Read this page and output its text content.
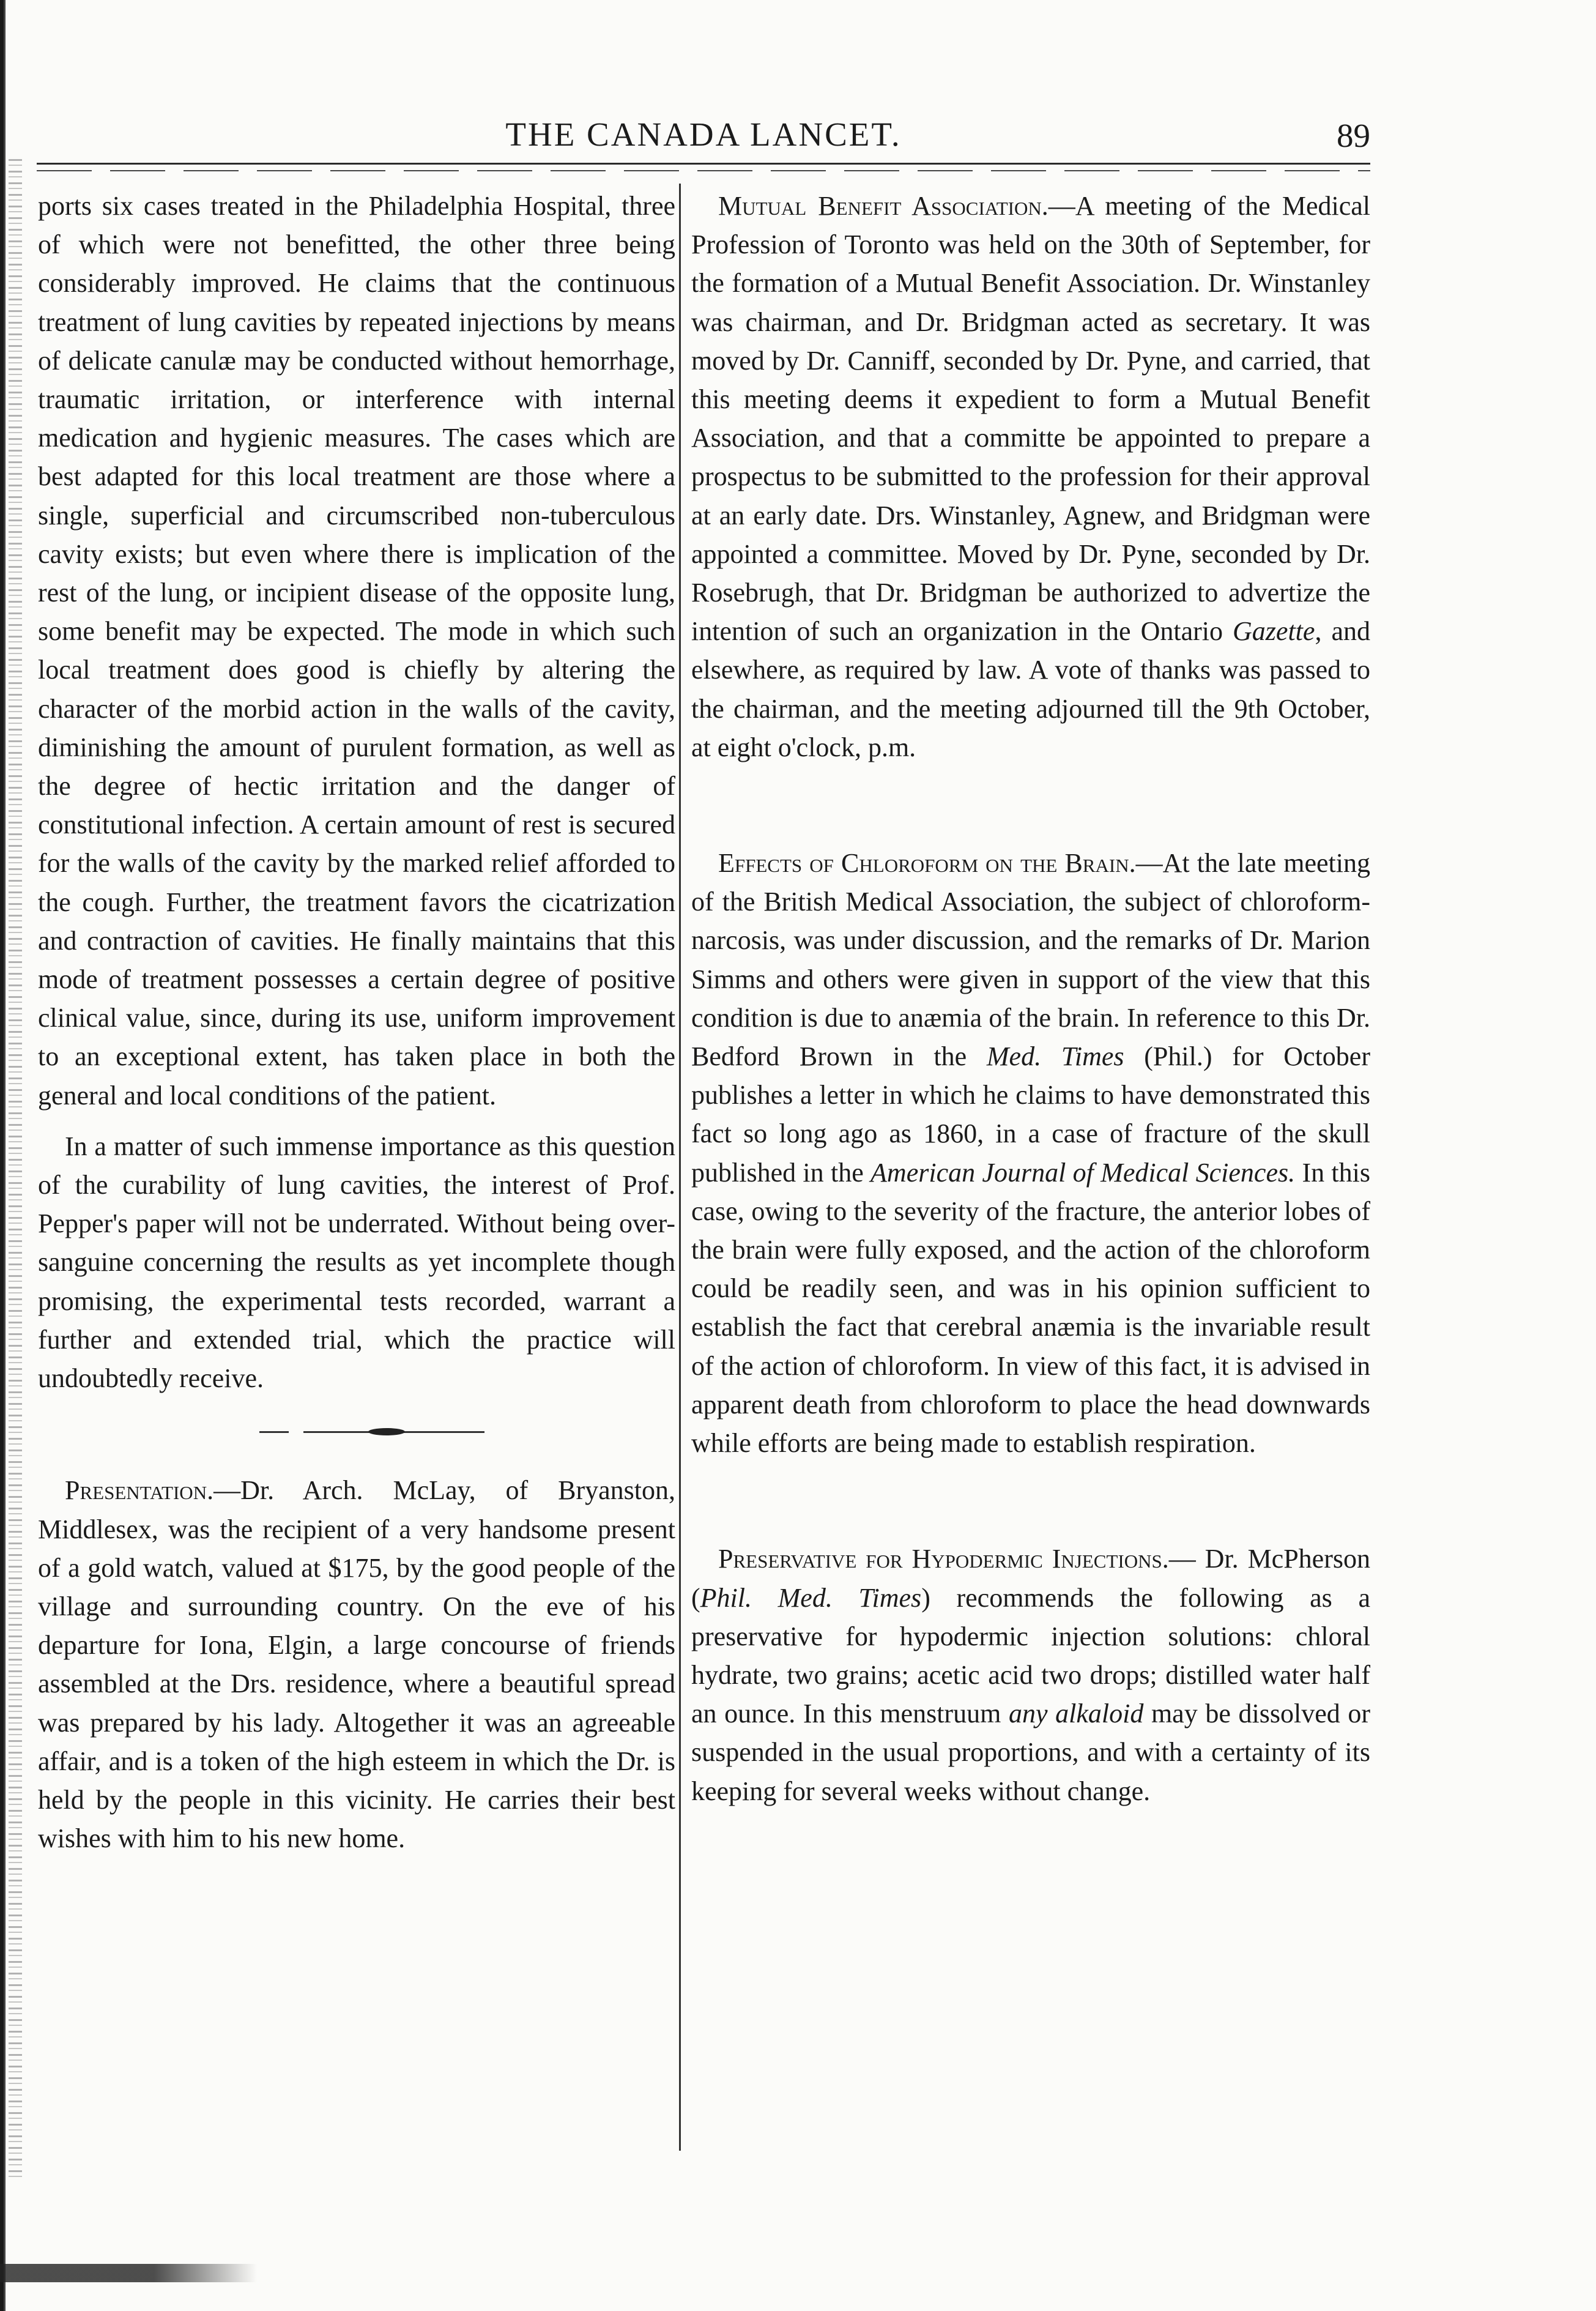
THE CANADA LANCET.	89

ports six cases treated in the Philadelphia Hospital, three of which were not benefitted, the other three being considerably improved. He claims that the continuous treatment of lung cavities by repeated injections by means of delicate canulæ may be conducted without hemorrhage, traumatic irritation, or interference with internal medication and hygienic measures. The cases which are best adapted for this local treatment are those where a single, superficial and circumscribed non-tuberculous cavity exists; but even where there is implication of the rest of the lung, or incipient disease of the opposite lung, some benefit may be expected. The mode in which such local treatment does good is chiefly by altering the character of the morbid action in the walls of the cavity, diminishing the amount of purulent formation, as well as the degree of hectic irritation and the danger of constitutional infection. A certain amount of rest is secured for the walls of the cavity by the marked relief afforded to the cough. Further, the treatment favors the cicatrization and contraction of cavities. He finally maintains that this mode of treatment possesses a certain degree of positive clinical value, since, during its use, uniform improvement to an exceptional extent, has taken place in both the general and local conditions of the patient.

In a matter of such immense importance as this question of the curability of lung cavities, the interest of Prof. Pepper's paper will not be underrated. Without being over-sanguine concerning the results as yet incomplete though promising, the experimental tests recorded, warrant a further and extended trial, which the practice will undoubtedly receive.

Presentation.—Dr. Arch. McLay, of Bryanston, Middlesex, was the recipient of a very handsome present of a gold watch, valued at $175, by the good people of the village and surrounding country. On the eve of his departure for Iona, Elgin, a large concourse of friends assembled at the Drs. residence, where a beautiful spread was prepared by his lady. Altogether it was an agreeable affair, and is a token of the high esteem in which the Dr. is held by the people in this vicinity. He carries their best wishes with him to his new home.

Mutual Benefit Association.—A meeting of the Medical Profession of Toronto was held on the 30th of September, for the formation of a Mutual Benefit Association. Dr. Winstanley was chairman, and Dr. Bridgman acted as secretary. It was moved by Dr. Canniff, seconded by Dr. Pyne, and carried, that this meeting deems it expedient to form a Mutual Benefit Association, and that a committe be appointed to prepare a prospectus to be submitted to the profession for their approval at an early date. Drs. Winstanley, Agnew, and Bridgman were appointed a committee. Moved by Dr. Pyne, seconded by Dr. Rosebrugh, that Dr. Bridgman be authorized to advertize the intention of such an organization in the Ontario Gazette, and elsewhere, as required by law. A vote of thanks was passed to the chairman, and the meeting adjourned till the 9th October, at eight o'clock, p.m.

Effects of Chloroform on the Brain.—At the late meeting of the British Medical Association, the subject of chloroform-narcosis, was under discussion, and the remarks of Dr. Marion Simms and others were given in support of the view that this condition is due to anæmia of the brain. In reference to this Dr. Bedford Brown in the Med. Times (Phil.) for October publishes a letter in which he claims to have demonstrated this fact so long ago as 1860, in a case of fracture of the skull published in the American Journal of Medical Sciences. In this case, owing to the severity of the fracture, the anterior lobes of the brain were fully exposed, and the action of the chloroform could be readily seen, and was in his opinion sufficient to establish the fact that cerebral anæmia is the invariable result of the action of chloroform. In view of this fact, it is advised in apparent death from chloroform to place the head downwards while efforts are being made to establish respiration.

Preservative for Hypodermic Injections.— Dr. McPherson (Phil. Med. Times) recommends the following as a preservative for hypodermic injection solutions: chloral hydrate, two grains; acetic acid two drops; distilled water half an ounce. In this menstruum any alkaloid may be dissolved or suspended in the usual proportions, and with a certainty of its keeping for several weeks without change.
